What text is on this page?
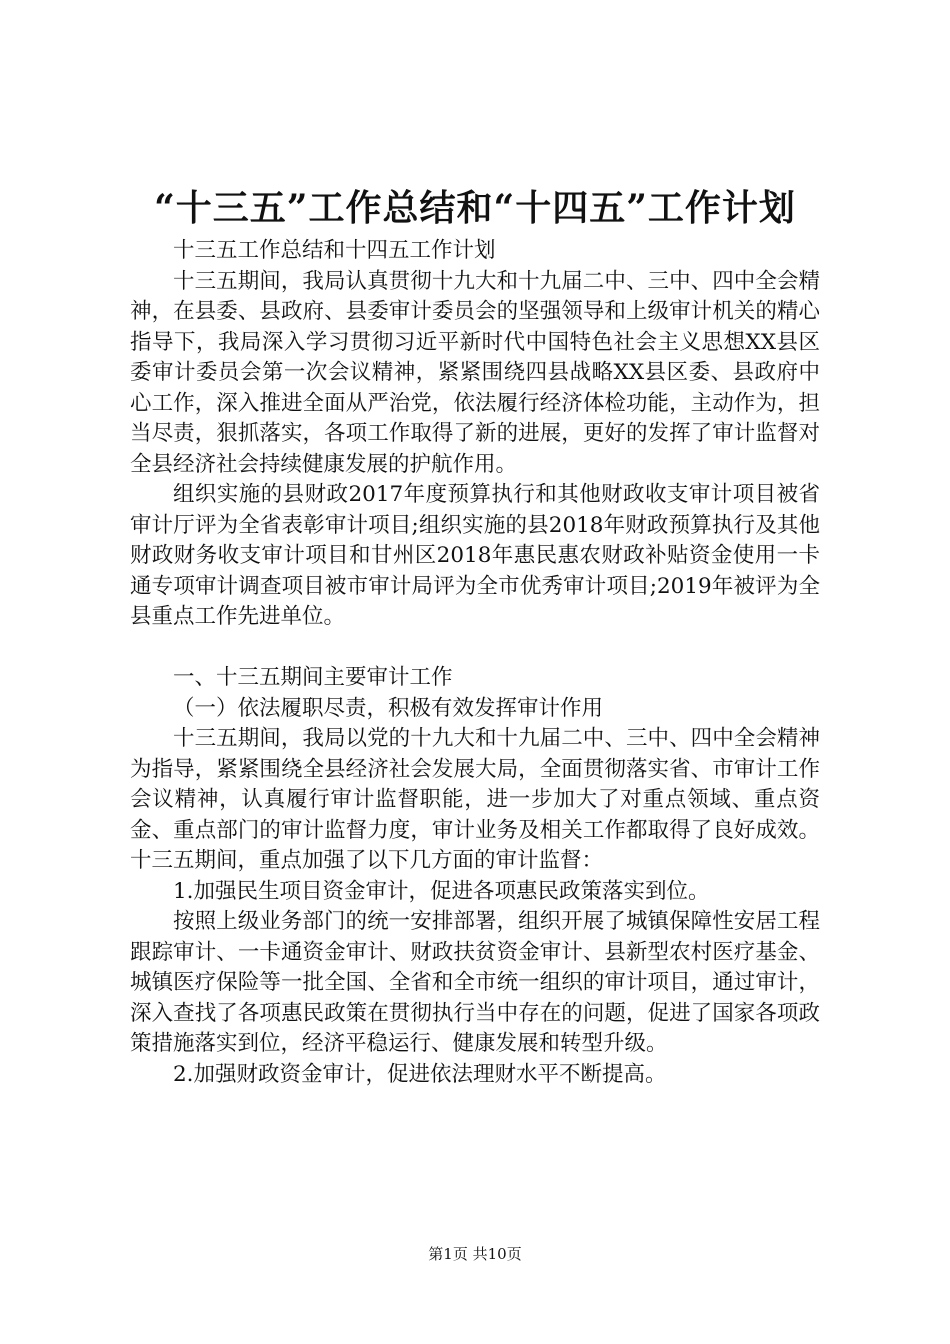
“十三五”工作总结和“十四五”工作计划

十三五工作总结和十四五工作计划

十三五期间，我局认真贯彻十九大和十九届二中、三中、四中全会精神，在县委、县政府、县委审计委员会的坚强领导和上级审计机关的精心指导下，我局深入学习贯彻习近平新时代中国特色社会主义思想XX县区委审计委员会第一次会议精神，紧紧围绕四县战略XX县区委、县政府中心工作，深入推进全面从严治党，依法履行经济体检功能，主动作为，担当尽责，狠抓落实，各项工作取得了新的进展，更好的发挥了审计监督对全县经济社会持续健康发展的护航作用。

组织实施的县财政2017年度预算执行和其他财政收支审计项目被省审计厅评为全省表彰审计项目;组织实施的县2018年财政预算执行及其他财政财务收支审计项目和甘州区2018年惠民惠农财政补贴资金使用一卡通专项审计调查项目被市审计局评为全市优秀审计项目;2019年被评为全县重点工作先进单位。

一、十三五期间主要审计工作

（一）依法履职尽责，积极有效发挥审计作用

十三五期间，我局以党的十九大和十九届二中、三中、四中全会精神为指导，紧紧围绕全县经济社会发展大局，全面贯彻落实省、市审计工作会议精神，认真履行审计监督职能，进一步加大了对重点领域、重点资金、重点部门的审计监督力度，审计业务及相关工作都取得了良好成效。十三五期间，重点加强了以下几方面的审计监督：

1.加强民生项目资金审计，促进各项惠民政策落实到位。

按照上级业务部门的统一安排部署，组织开展了城镇保障性安居工程跟踪审计、一卡通资金审计、财政扶贫资金审计、县新型农村医疗基金、城镇医疗保险等一批全国、全省和全市统一组织的审计项目，通过审计，深入查找了各项惠民政策在贯彻执行当中存在的问题，促进了国家各项政策措施落实到位，经济平稳运行、健康发展和转型升级。

2.加强财政资金审计，促进依法理财水平不断提高。

第1页 共10页
